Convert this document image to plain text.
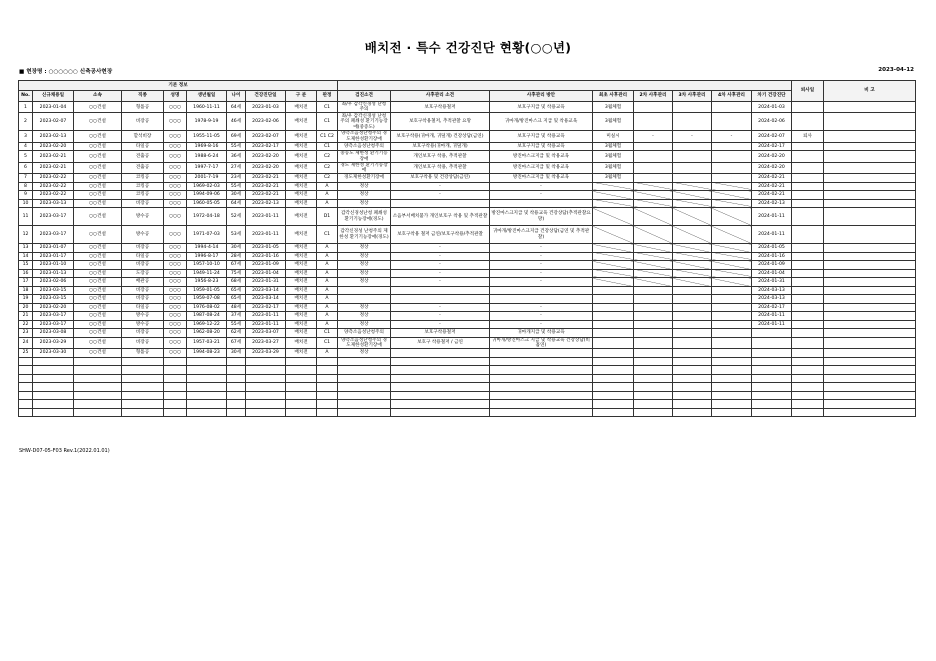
배치전 · 특수 건강진단 현황(○○년)
■ 현장명 : ○○○○○○ 신축공사현장	2023-04-12
기본 정보																		퇴사일	비 고
No.	신규채용일	소속	직종	성명	생년월일	나이	건강진단일	구 분	판정	검진소견	사후관리 소견	사후관리 방안	최초 사후관리	2차 사후관리	3차 사후관리	4차 사후관리	차기 건강진단		
1	2023-01-04	○○건설	형틀공	○○○	1960-11-11	64세	2023-01-03	배치전	C1	좌/우 감각신경성 난청 주의	보호구착용철저	보호구지급 및 착용교육	3월체험				2024-01-03		
2	2023-02-07	○○건설	비장공	○○○	1978-9-19	46세	2023-02-06	배치전	C1	좌/우 감각신경성 난청 주의 폐쇄성 환기기능장애(중증도)	보호구착용철저, 추적관찰 요망	귀마개/방진마스크 지급 및 착용교육	3월체험				2024-02-06		
3	2023-02-13	○○건설	할석비장	○○○	1955-11-05	69세	2023-02-07	배치전	C1 C2	양측소음성난청주의 경도제한성환기장애	보호구착용(귀마개, 귀덮개) 건강상담(금연)	보호구지급 및 착용교육	미실시	-	-	-	2024-02-07	퇴사	
4	2023-02-20	○○건설	타일공	○○○	1969-8-16	55세	2023-02-17	배치전	C1	양측소음성난청주의	보호구착용(귀마개, 귀덮개)	보호구지급 및 착용교육	3월체험				2024-02-17		
5	2023-02-21	○○건설	견출공	○○○	1988-6-24	36세	2023-02-20	배치전	C2	중등도 제한성 환기기능 장애	개인보호구 착용, 추적관찰	방진마스크지급 및 착용교육	3월체험				2024-02-20		
6	2023-02-21	○○건설	견출공	○○○	1997-7-17	27세	2023-02-20	배치전	C2	경도 제한성 환기기능장애	개인보호구 착용, 추적관찰	방진마스크지급 및 착용교육	3월체험				2024-02-20		
7	2023-02-22	○○건설	코킹공	○○○	2001-7-19	23세	2023-02-21	배치전	C2	경도제한성환기장애	보호구착용 및 건강상담(금연)	방진마스크지급 및 착용교육	3월체험				2024-02-21		
8	2023-02-22	○○건설	코킹공	○○○	1969-02-03	55세	2023-02-21	배치전	A	정상	-	-					2024-02-21		
9	2023-02-22	○○건설	코킹공	○○○	1994-09-06	30세	2023-02-21	배치전	A	정상	-	-					2024-02-21		
10	2023-03-13	○○건설	비장공	○○○	1960-05-05	64세	2023-02-13	배치전	A	정상							2024-02-13		
11	2023-03-17	○○건설	방수공	○○○	1972-04-18	52세	2023-01-11	배치전	D1	감각신경성난청 폐쇄성환기기능장애(경도)	소음부서배치불가 개인보호구 착용 및 추적관찰	방진마스크지급 및 착용교육 건강상담(추적관찰요망)					2024-01-11		
12	2023-03-17	○○건설	방수공	○○○	1971-07-03	53세	2023-01-11	배치전	C1	감각신경성 난청주의 제한성 환기기능장애(경도)	보호구착용 철저 금연/보호구착용/추적관찰	귀마개/방진마스크지급 건강상담(금연 및 추적관찰)					2024-01-11		
13	2023-01-07	○○건설	비장공	○○○	1994-4-14	30세	2023-01-05	배치전	A	정상	-	-					2024-01-05		
14	2023-01-17	○○건설	타일공	○○○	1996-8-17	28세	2023-01-16	배치전	A	정상	-	-					2024-01-16		
15	2023-01-10	○○건설	비장공	○○○	1957-10-10	67세	2023-01-09	배치전	A	정상	-	-					2024-01-09		
16	2023-01-13	○○건설	도장공	○○○	1949-11-24	75세	2023-01-04	배치전	A	정상	-	-					2024-01-04		
17	2023-02-06	○○건설	배관공	○○○	1956-8-23	68세	2023-01-31	배치전	A	정상	-	-					2024-01-31		
18	2023-03-15	○○건설	비장공	○○○	1959-01-05	65세	2023-03-14	배치전	A								2024-03-13		
19	2023-03-15	○○건설	비장공	○○○	1959-07-08	65세	2023-03-14	배치전	A								2024-03-13		
20	2023-02-20	○○건설	타일공	○○○	1976-08-02	48세	2023-02-17	배치전	A	정상	-	-					2024-02-17		
21	2023-03-17	○○건설	방수공	○○○	1987-08-24	37세	2023-01-11	배치전	A	정상	-	-					2024-01-11		
22	2023-03-17	○○건설	방수공	○○○	1969-12-22	55세	2023-01-11	배치전	A	정상	-	-					2024-01-11		
23	2023-03-08	○○건설	비장공	○○○	1962-08-20	62세	2023-03-07	배치전	C1	양측소음성난청주의	보호구착용철저	귀마개지급 및 착용교육							
24	2023-03-29	○○건설	비장공	○○○	1957-03-21	67세	2023-03-27	배치전	C1	양측소음성난청주의 경도제한성환기장애	보호구 착용철저 / 금연	귀마개/방진마스크 지급 및 착용교육 건강상담(비흡연)							
25	2023-03-30	○○건설	형틀공	○○○	1994-08-23	30세	2023-03-29	배치전	A	정상									

SHW-D07-05-F03 Rev.1(2022.01.01)
